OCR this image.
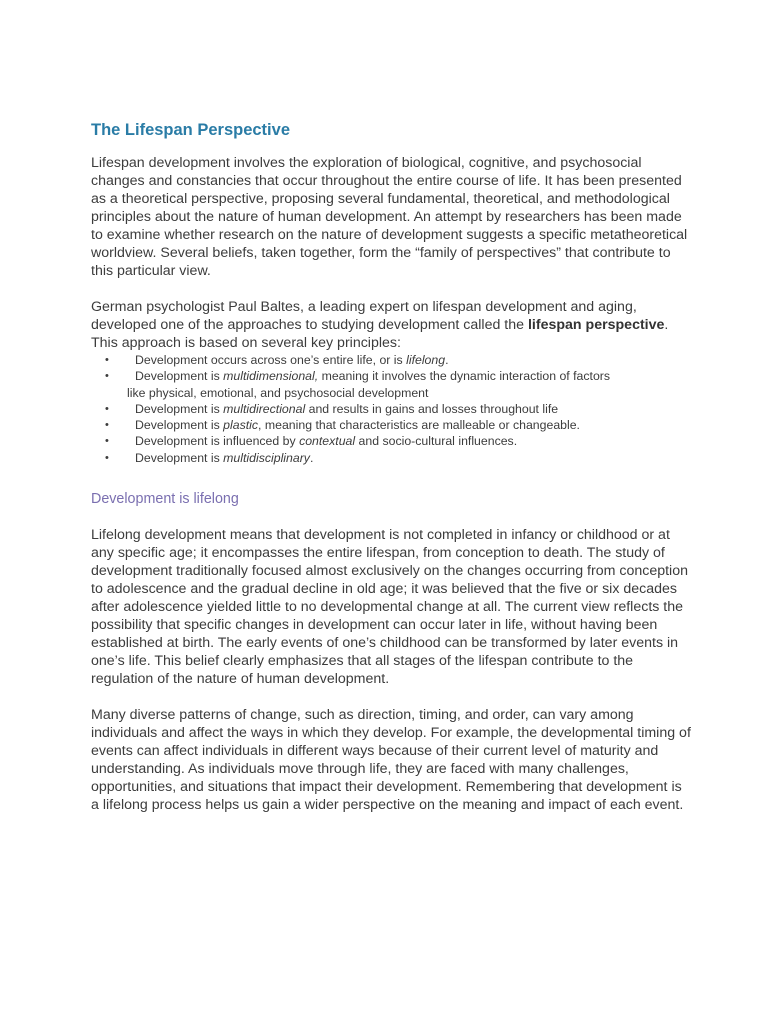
The Lifespan Perspective

Lifespan development involves the exploration of biological, cognitive, and psychosocial changes and constancies that occur throughout the entire course of life. It has been presented as a theoretical perspective, proposing several fundamental, theoretical, and methodological principles about the nature of human development. An attempt by researchers has been made to examine whether research on the nature of development suggests a specific metatheoretical worldview. Several beliefs, taken together, form the “family of perspectives” that contribute to this particular view.

German psychologist Paul Baltes, a leading expert on lifespan development and aging, developed one of the approaches to studying development called the lifespan perspective. This approach is based on several key principles:

• Development occurs across one’s entire life, or is lifelong.
• Development is multidimensional, meaning it involves the dynamic interaction of factors
like physical, emotional, and psychosocial development
• Development is multidirectional and results in gains and losses throughout life
• Development is plastic, meaning that characteristics are malleable or changeable.
• Development is influenced by contextual and socio-cultural influences.
• Development is multidisciplinary.
Development is lifelong

Lifelong development means that development is not completed in infancy or childhood or at any specific age; it encompasses the entire lifespan, from conception to death. The study of development traditionally focused almost exclusively on the changes occurring from conception to adolescence and the gradual decline in old age; it was believed that the five or six decades after adolescence yielded little to no developmental change at all. The current view reflects the possibility that specific changes in development can occur later in life, without having been established at birth. The early events of one’s childhood can be transformed by later events in one’s life. This belief clearly emphasizes that all stages of the lifespan contribute to the regulation of the nature of human development.

Many diverse patterns of change, such as direction, timing, and order, can vary among individuals and affect the ways in which they develop. For example, the developmental timing of events can affect individuals in different ways because of their current level of maturity and understanding. As individuals move through life, they are faced with many challenges, opportunities, and situations that impact their development. Remembering that development is a lifelong process helps us gain a wider perspective on the meaning and impact of each event.
